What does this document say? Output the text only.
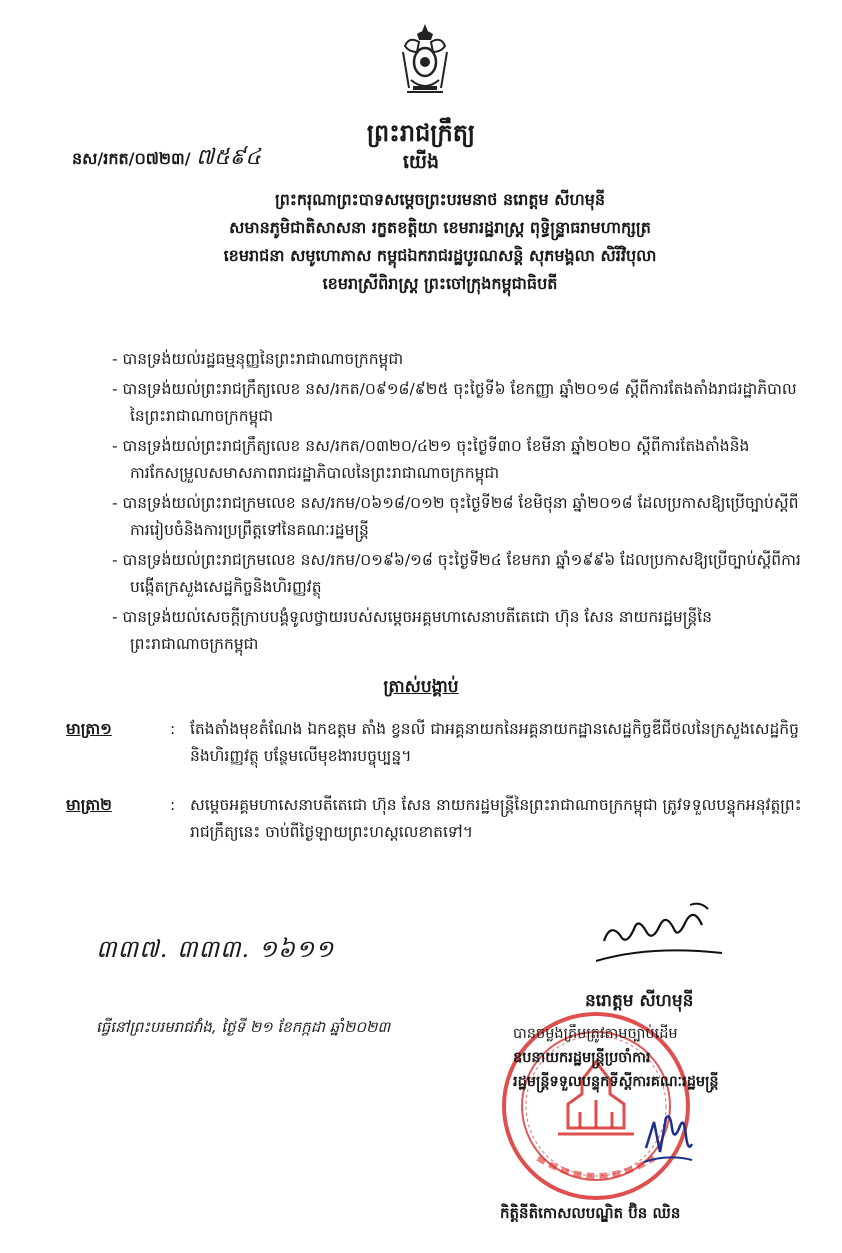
ព្រះរាជក្រឹត្យ
នស/រកត/០៧២៣/ ៧៥៩៤	យើង
ព្រះករុណាព្រះបាទសម្តេចព្រះបរមនាថ នរោត្តម សីហមុនី
សមានភូមិជាតិសាសនា រក្ខតខត្តិយា ខេមរារដ្ឋរាស្ត្រ ពុទ្ធិន្ទ្រាធរាមហាក្សត្រ
ខេមរាជនា សមូហោភាស កម្ពុជឯករាជរដ្ឋបូរណសន្តិ សុភមង្គលា សិរីវិបុលា
ខេមរាស្រីពិរាស្ត្រ ព្រះចៅក្រុងកម្ពុជាធិបតី

- បានទ្រង់យល់រដ្ឋធម្មនុញ្ញនៃព្រះរាជាណាចក្រកម្ពុជា

- បានទ្រង់យល់ព្រះរាជក្រឹត្យលេខ នស/រកត/០៩១៨/៩២៥ ចុះថ្ងៃទី៦ ខែកញ្ញា ឆ្នាំ២០១៨ ស្តីពីការតែងតាំងរាជរដ្ឋាភិបាលនៃព្រះរាជាណាចក្រកម្ពុជា

- បានទ្រង់យល់ព្រះរាជក្រឹត្យលេខ នស/រកត/០៣២០/៤២១ ចុះថ្ងៃទី៣០ ខែមីនា ឆ្នាំ២០២០ ស្តីពីការតែងតាំងនិងការកែសម្រួលសមាសភាពរាជរដ្ឋាភិបាលនៃព្រះរាជាណាចក្រកម្ពុជា

- បានទ្រង់យល់ព្រះរាជក្រមលេខ នស/រកម/០៦១៨/០១២ ចុះថ្ងៃទី២៨ ខែមិថុនា ឆ្នាំ២០១៨ ដែលប្រកាសឱ្យប្រើច្បាប់ស្តីពីការរៀបចំនិងការប្រព្រឹត្តទៅនៃគណៈរដ្ឋមន្ត្រី

- បានទ្រង់យល់ព្រះរាជក្រមលេខ នស/រកម/០១៩៦/១៨ ចុះថ្ងៃទី២៤ ខែមករា ឆ្នាំ១៩៩៦ ដែលប្រកាសឱ្យប្រើច្បាប់ស្តីពីការបង្កើតក្រសួងសេដ្ឋកិច្ចនិងហិរញ្ញវត្ថុ

- បានទ្រង់យល់សេចក្តីក្រាបបង្គំទូលថ្វាយរបស់សម្តេចអគ្គមហាសេនាបតីតេជោ ហ៊ុន សែន នាយករដ្ឋមន្ត្រីនៃព្រះរាជាណាចក្រកម្ពុជា

ត្រាស់បង្គាប់
មាត្រា១	: តែងតាំងមុខតំណែង ឯកឧត្តម តាំង ខ្វនលី ជាអគ្គនាយកនៃអគ្គនាយកដ្ឋានសេដ្ឋកិច្ចឌីជីថលនៃក្រសួងសេដ្ឋកិច្ចនិងហិរញ្ញវត្ថុ បន្ថែមលើមុខងារបច្ចុប្បន្ន។
មាត្រា២	: សម្តេចអគ្គមហាសេនាបតីតេជោ ហ៊ុន សែន នាយករដ្ឋមន្ត្រីនៃព្រះរាជាណាចក្រកម្ពុជា ត្រូវទទួលបន្ទុកអនុវត្តព្រះរាជក្រឹត្យនេះ ចាប់ពីថ្ងៃឡាយព្រះហស្តលេខាតទៅ។
៣៣៧. ៣៣៣. ១៦១១
នរោត្តម សីហមុនី
ធ្វើនៅព្រះបរមរាជវាំង, ថ្ងៃទី ២១ ខែកក្កដា ឆ្នាំ២០២៣	បានចម្លងត្រឹមត្រូវតាមច្បាប់ដើម
ឧបនាយករដ្ឋមន្ត្រីប្រចាំការ
រដ្ឋមន្ត្រីទទួលបន្ទុកទីស្តីការគណៈរដ្ឋមន្ត្រី
កិត្តិនីតិកោសលបណ្ឌិត ប៊ិន ឈិន
